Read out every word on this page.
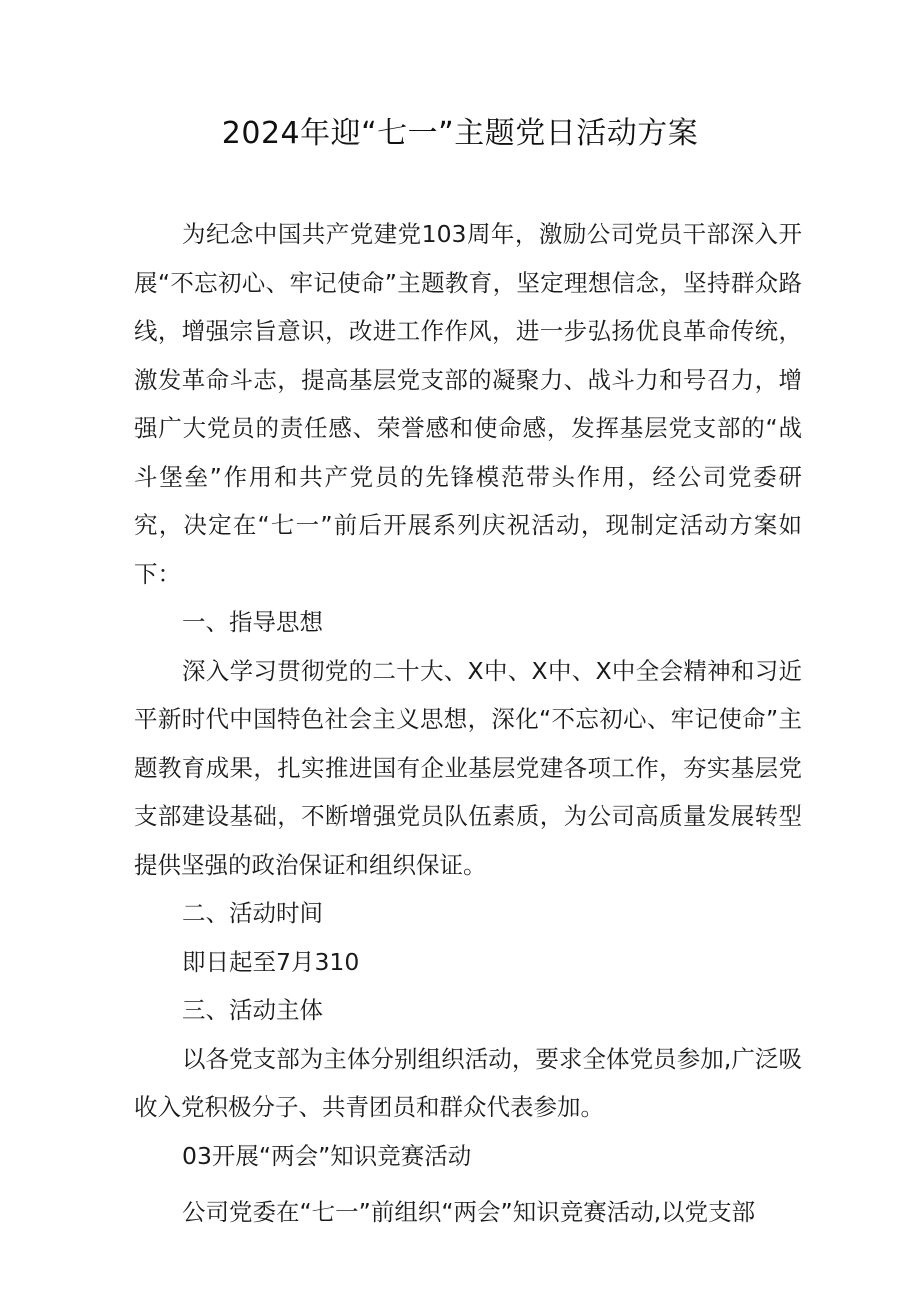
2024年迎“七一”主题党日活动方案

为纪念中国共产党建党103周年，激励公司党员干部深入开展“不忘初心、牢记使命”主题教育，坚定理想信念，坚持群众路线，增强宗旨意识，改进工作作风，进一步弘扬优良革命传统，激发革命斗志，提高基层党支部的凝聚力、战斗力和号召力，增强广大党员的责任感、荣誉感和使命感，发挥基层党支部的“战斗堡垒”作用和共产党员的先锋模范带头作用，经公司党委研究，决定在“七一”前后开展系列庆祝活动，现制定活动方案如下：

一、指导思想

深入学习贯彻党的二十大、X中、X中、X中全会精神和习近平新时代中国特色社会主义思想，深化“不忘初心、牢记使命”主题教育成果，扎实推进国有企业基层党建各项工作，夯实基层党支部建设基础，不断增强党员队伍素质，为公司高质量发展转型提供坚强的政治保证和组织保证。

二、活动时间

即日起至7月310

三、活动主体

以各党支部为主体分别组织活动，要求全体党员参加,广泛吸收入党积极分子、共青团员和群众代表参加。

03开展“两会”知识竞赛活动

公司党委在“七一”前组织“两会”知识竞赛活动,以党支部
